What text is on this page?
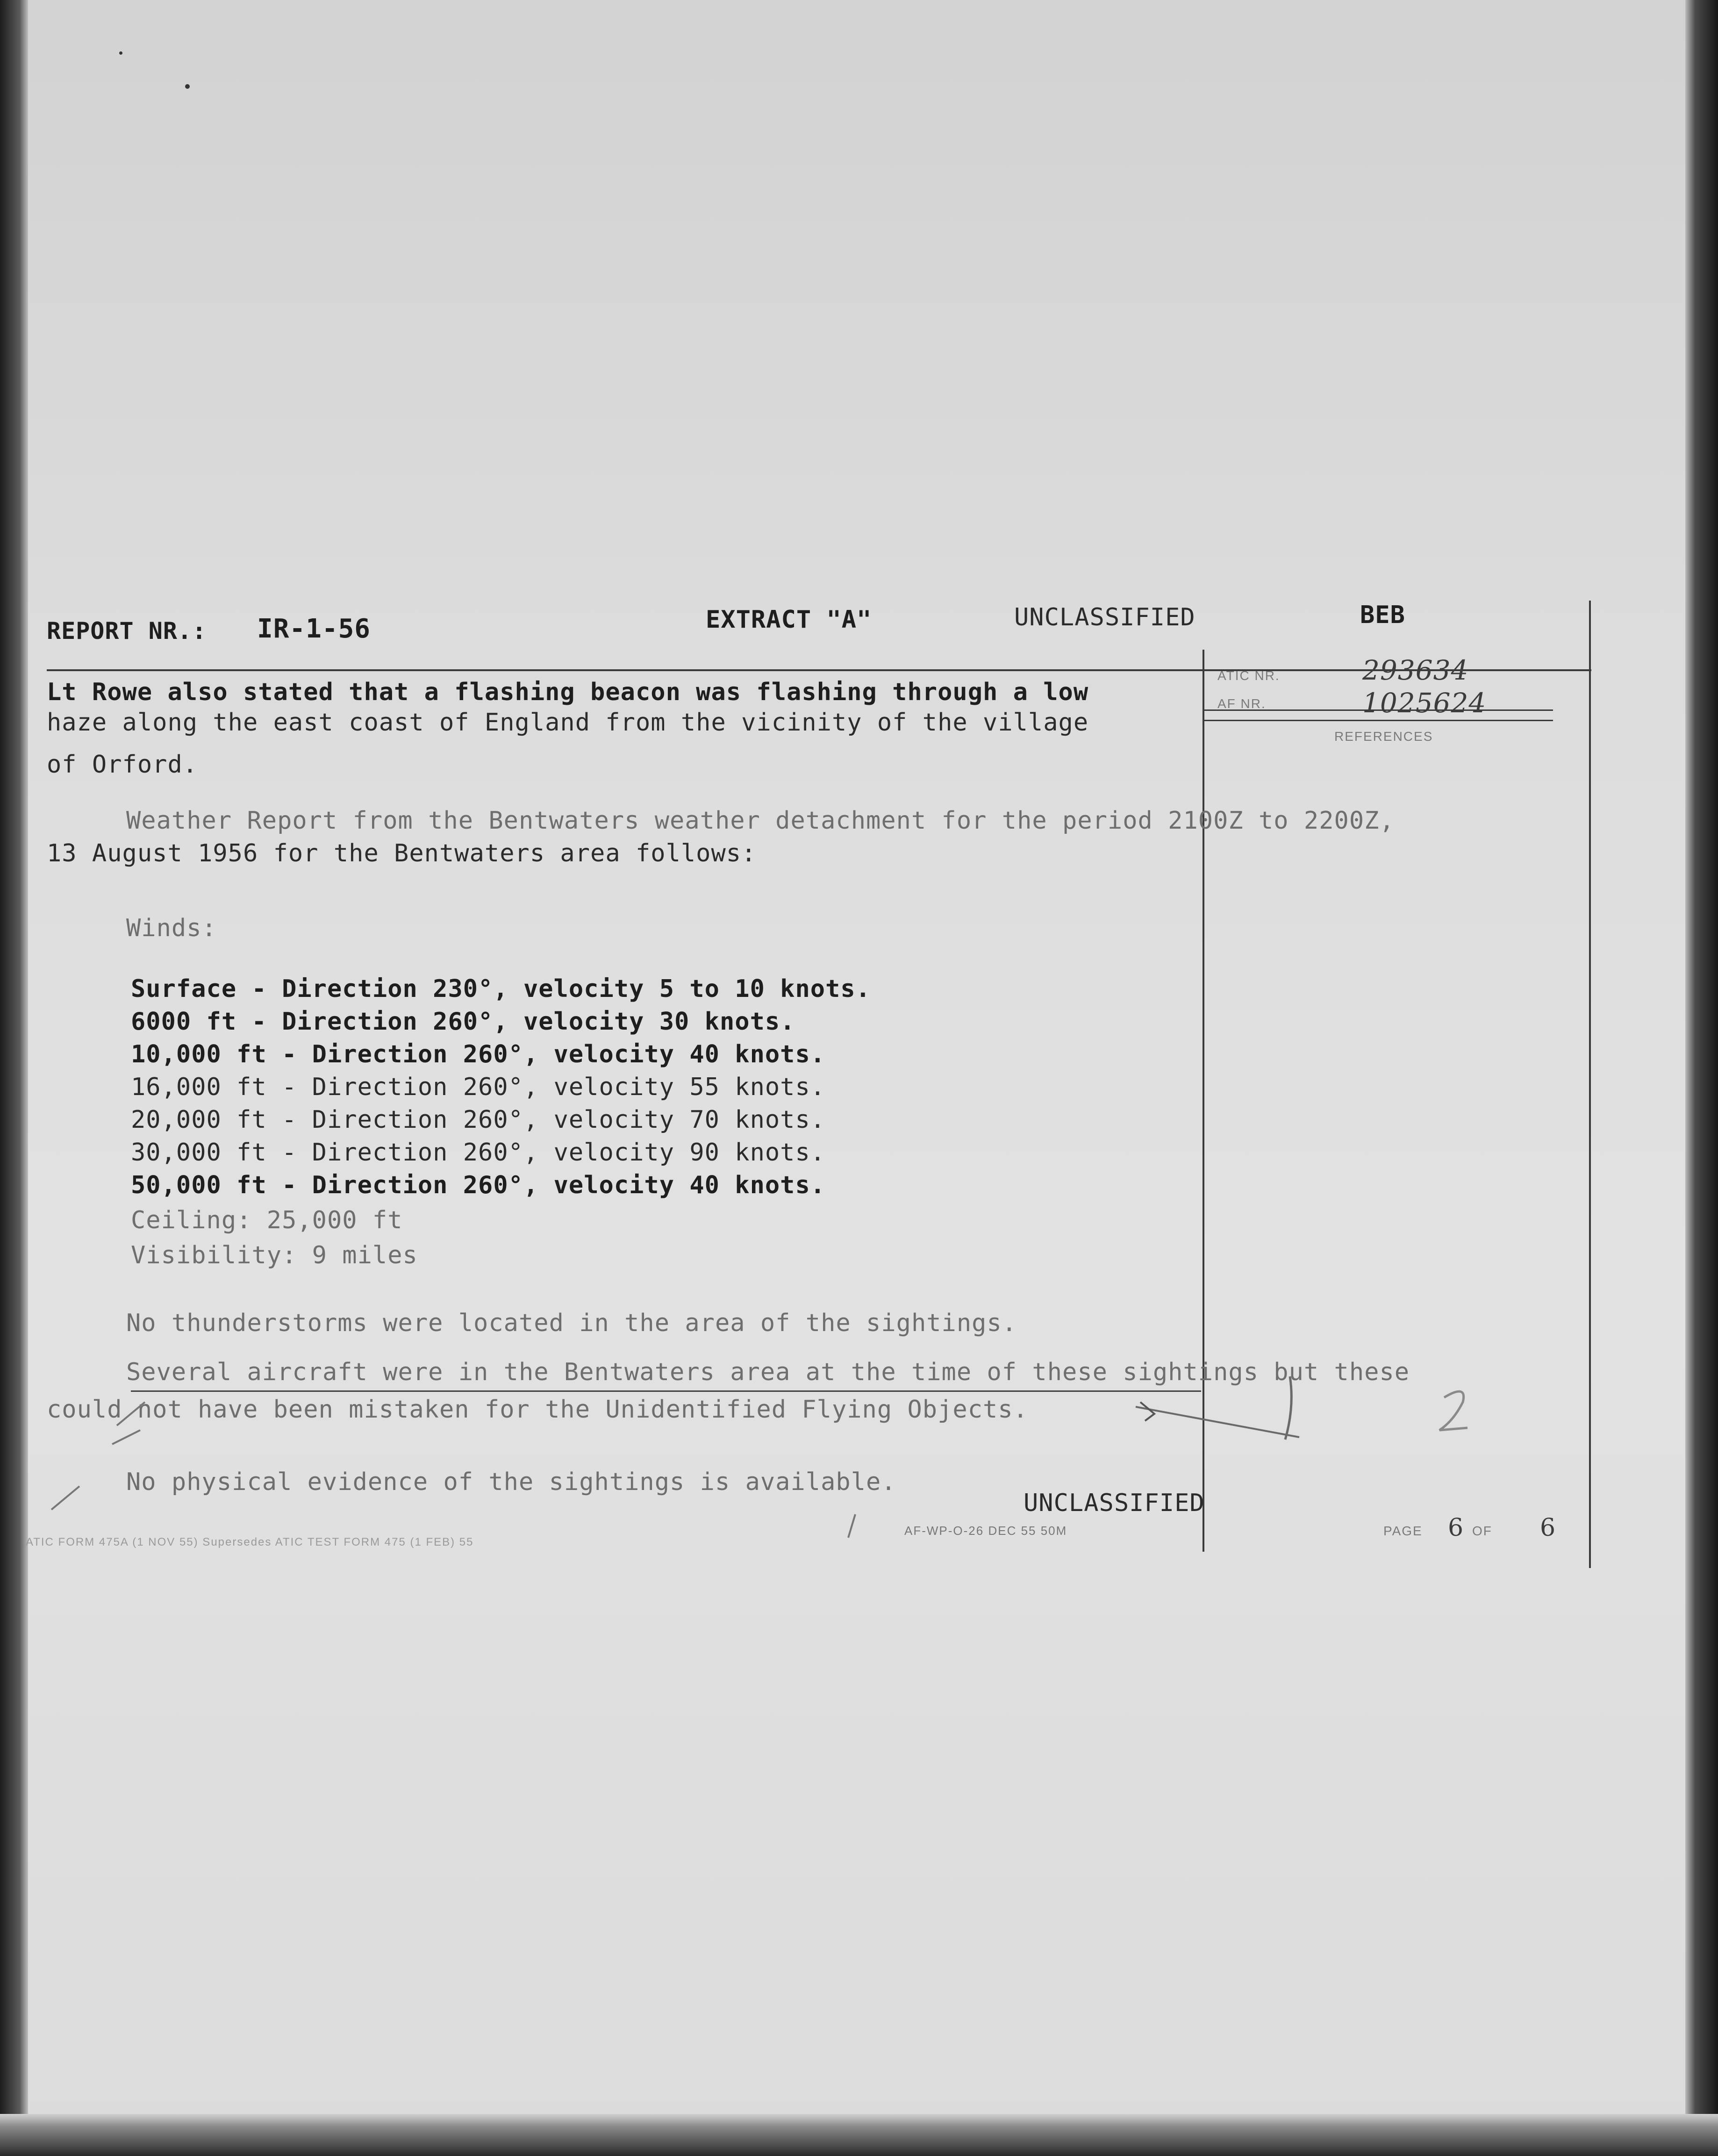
REPORT NR.: IR-1-56	EXTRACT "A"	UNCLASSIFIED	BEB
ATIC NR.	293634
AF NR.	1025624
REFERENCES
Lt Rowe also stated that a flashing beacon was flashing through a low
haze along the east coast of England from the vicinity of the village
of Orford.
Weather Report from the Bentwaters weather detachment for the period 2100Z to 2200Z,
13 August 1956 for the Bentwaters area follows:
Winds:
Surface - Direction 230°, velocity 5 to 10 knots.
6000 ft - Direction 260°, velocity 30 knots.
10,000 ft - Direction 260°, velocity 40 knots.
16,000 ft - Direction 260°, velocity 55 knots.
20,000 ft - Direction 260°, velocity 70 knots.
30,000 ft - Direction 260°, velocity 90 knots.
50,000 ft - Direction 260°, velocity 40 knots.
Ceiling: 25,000 ft
Visibility: 9 miles
No thunderstorms were located in the area of the sightings.
Several aircraft were in the Bentwaters area at the time of these sightings but these
could not have been mistaken for the Unidentified Flying Objects.
No physical evidence of the sightings is available.
UNCLASSIFIED
ATIC FORM 475A (1 NOV 55) Supersedes ATIC TEST FORM 475 (1 FEB) 55
AF-WP-O-26 DEC 55 50M	PAGE 6 OF 6
